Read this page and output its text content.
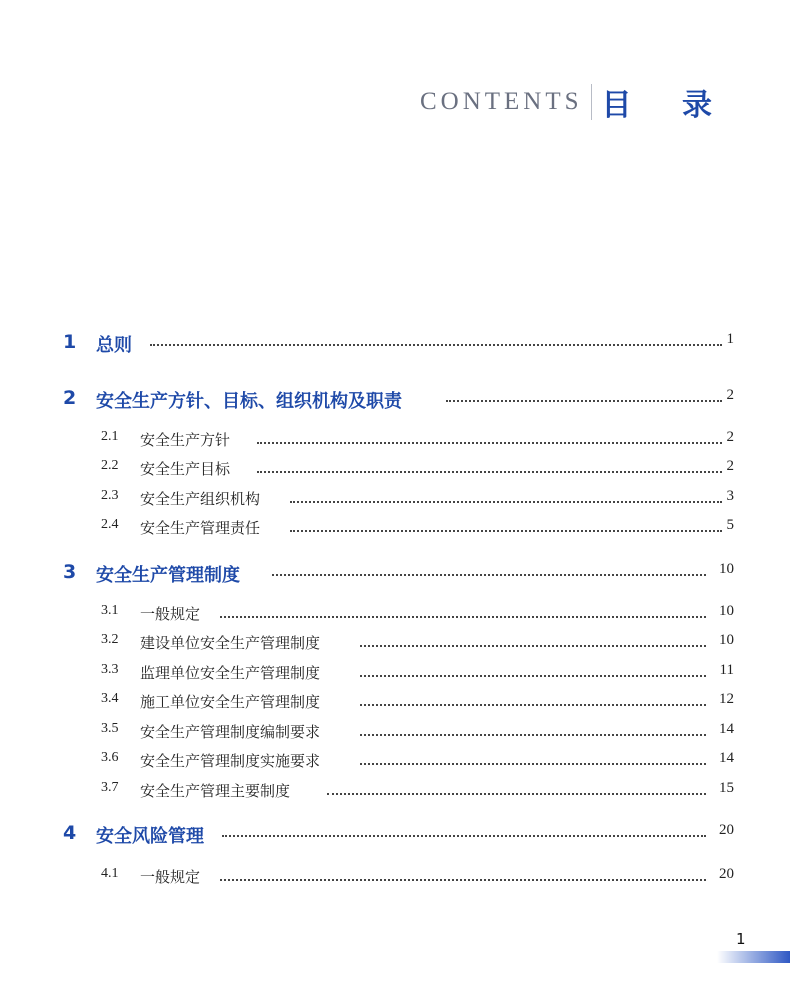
CONTENTS 目 录
1 总则	1
2 安全生产方针、目标、组织机构及职责	2
2.1 安全生产方针	2
2.2 安全生产目标	2
2.3 安全生产组织机构	3
2.4 安全生产管理责任	5
3 安全生产管理制度	10
3.1 一般规定	10
3.2 建设单位安全生产管理制度	10
3.3 监理单位安全生产管理制度	11
3.4 施工单位安全生产管理制度	12
3.5 安全生产管理制度编制要求	14
3.6 安全生产管理制度实施要求	14
3.7 安全生产管理主要制度	15
4 安全风险管理	20
4.1 一般规定	20
1
